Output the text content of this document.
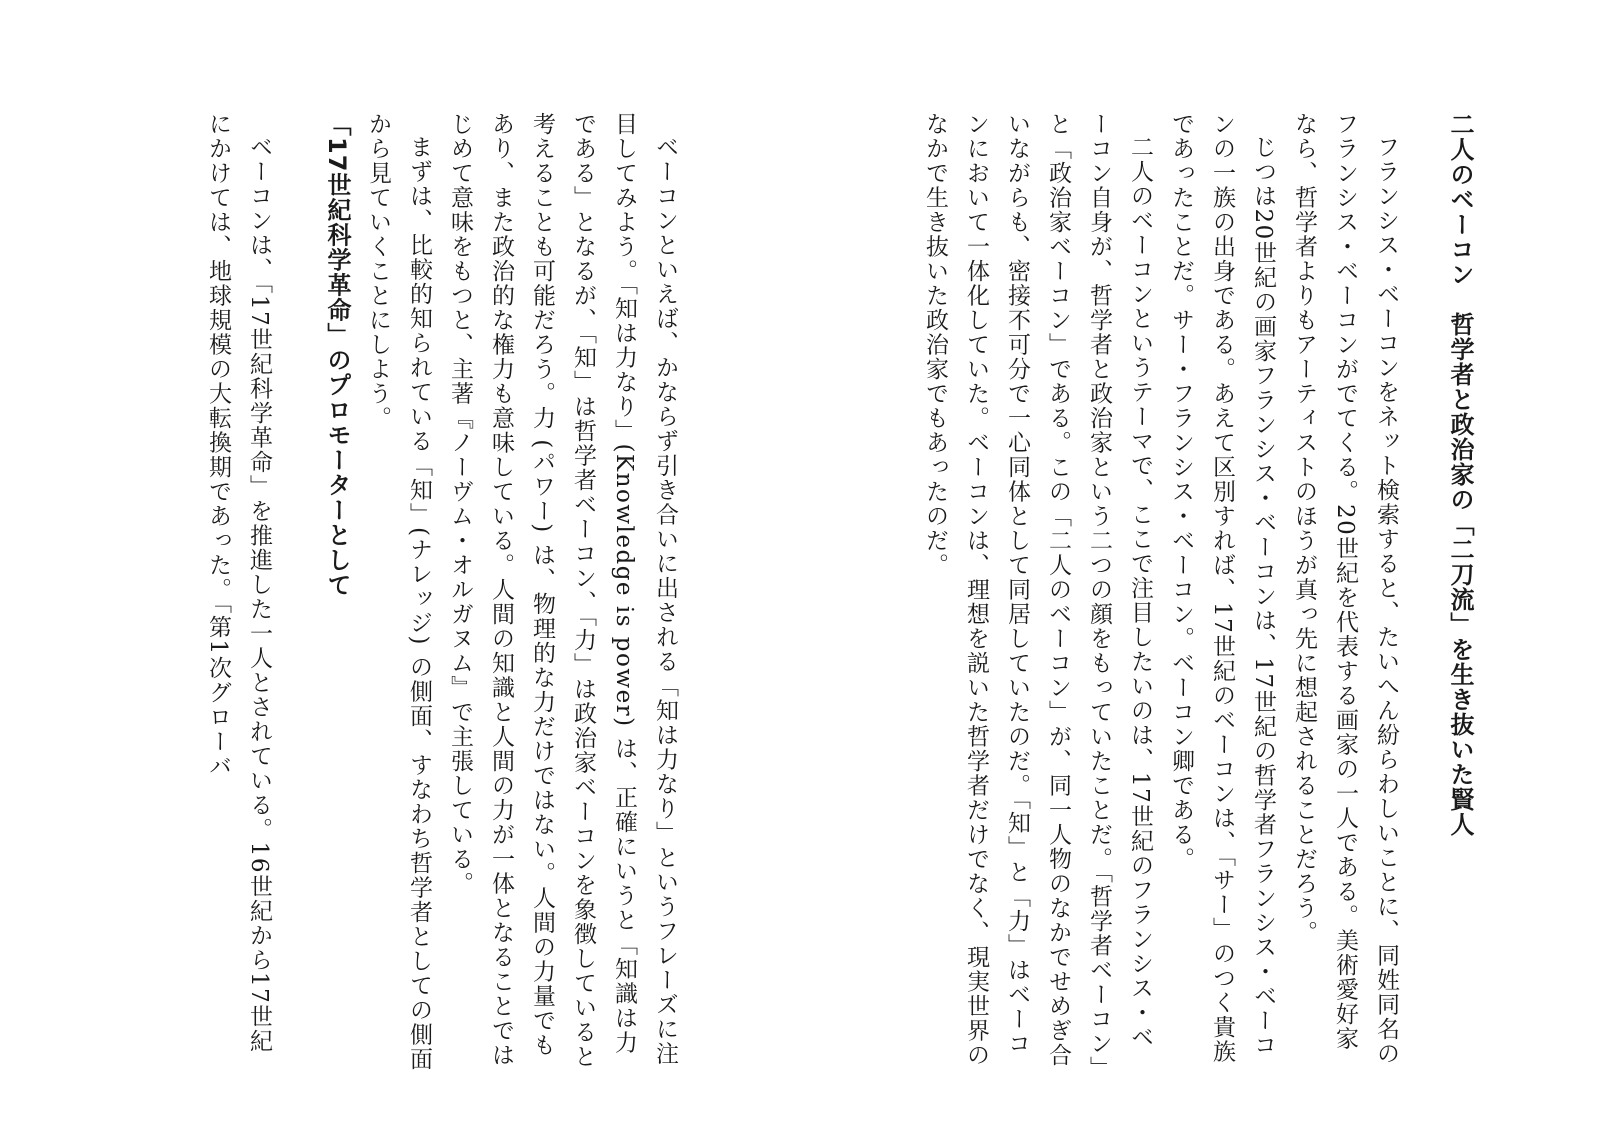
二人のベーコン　哲学者と政治家の「二刀流」を生き抜いた賢人

フランシス・ベーコンをネット検索すると、たいへん紛らわしいことに、同姓同名のフランシス・ベーコンがでてくる。20世紀を代表する画家の一人である。美術愛好家なら、哲学者よりもアーティストのほうが真っ先に想起されることだろう。

じつは20世紀の画家フランシス・ベーコンは、17世紀の哲学者フランシス・ベーコンの一族の出身である。あえて区別すれば、17世紀のベーコンは、「サー」のつく貴族であったことだ。サー・フランシス・ベーコン。ベーコン卿である。

二人のベーコンというテーマで、ここで注目したいのは、17世紀のフランシス・ベーコン自身が、哲学者と政治家という二つの顔をもっていたことだ。「哲学者ベーコン」と「政治家ベーコン」である。この「二人のベーコン」が、同一人物のなかでせめぎ合いながらも、密接不可分で一心同体として同居していたのだ。「知」と「力」はベーコンにおいて一体化していた。ベーコンは、理想を説いた哲学者だけでなく、現実世界のなかで生き抜いた政治家でもあったのだ。

ベーコンといえば、かならず引き合いに出される「知は力なり」というフレーズに注目してみよう。「知は力なり」(Knowledge is power) は、正確にいうと「知識は力である」となるが、「知」は哲学者ベーコン、「力」は政治家ベーコンを象徴していると考えることも可能だろう。力 (パワー) は、物理的な力だけではない。人間の力量でもあり、また政治的な権力も意味している。人間の知識と人間の力が一体となることではじめて意味をもつと、主著『ノーヴム・オルガヌム』で主張している。

まずは、比較的知られている「知」(ナレッジ) の側面、すなわち哲学者としての側面から見ていくことにしよう。

「17世紀科学革命」のプロモーターとして

ベーコンは、「17世紀科学革命」を推進した一人とされている。16世紀から17世紀にかけては、地球規模の大転換期であった。「第1次グローバ
